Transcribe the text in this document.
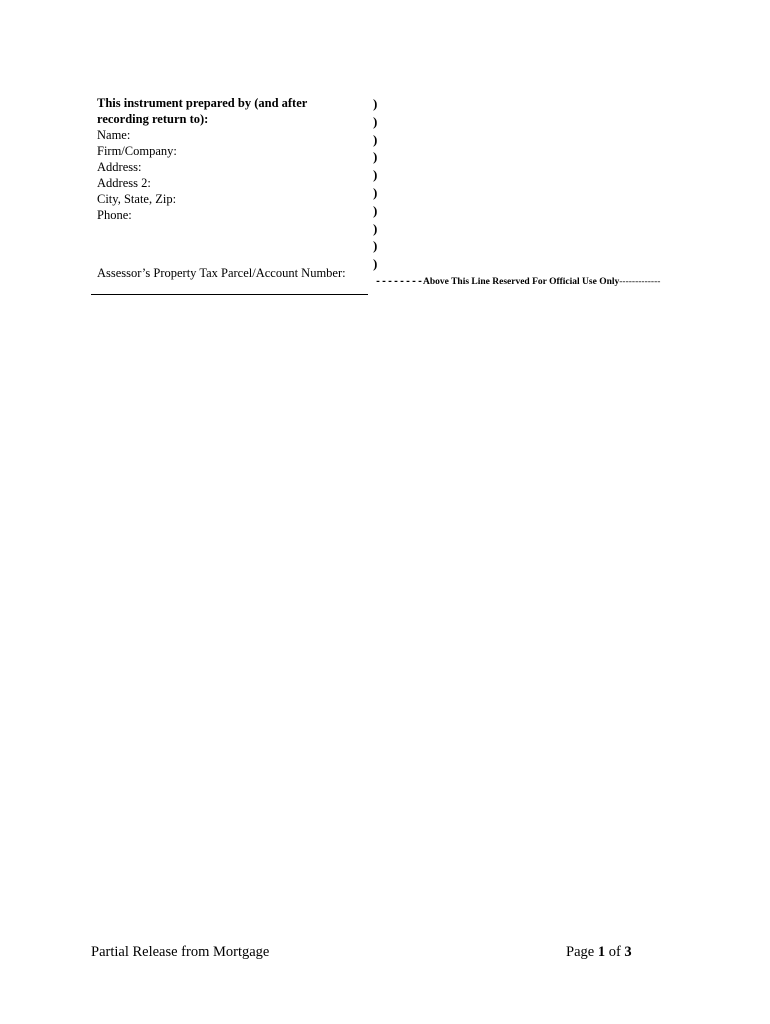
This instrument prepared by (and after
recording return to):
Name:
Firm/Company:
Address:
Address 2:
City, State, Zip:
Phone:
Assessor’s Property Tax Parcel/Account Number:
)
)
)
)
)
)
)
)
)
)
--------Above This Line Reserved For Official Use Only-------------
Partial Release from Mortgage	Page 1 of 3
